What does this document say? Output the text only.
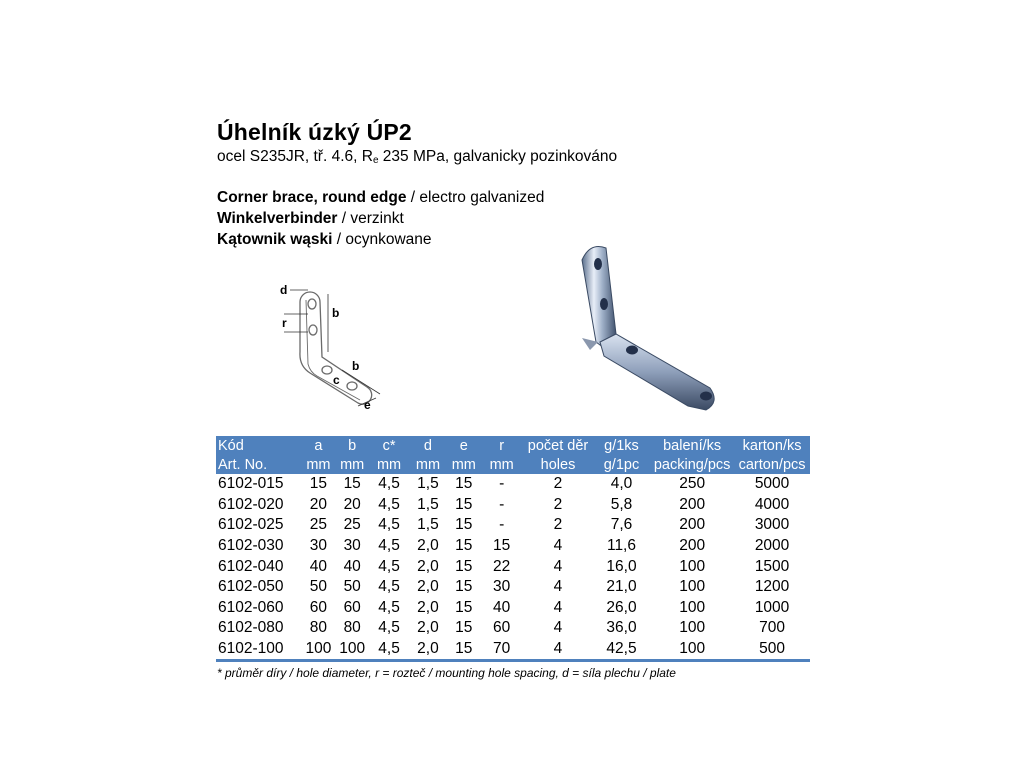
Úhelník úzký ÚP2
ocel S235JR, tř. 4.6, $R_e$ 235 MPa, galvanicky pozinkováno
Corner brace, round edge / electro galvanized
Winkelverbinder / verzinkt
Kątownik wąski / ocynkowane
d
r
b
b
c
e
Kód	a	b	c*	d	e	r	počet děr	g/1ks	balení/ks	karton/ks
Art. No.	mm	mm	mm	mm	mm	mm	holes	g/1pc	packing/pcs	carton/pcs
6102-015	15	15	4,5	1,5	15	-	2	4,0	250	5000
6102-020	20	20	4,5	1,5	15	-	2	5,8	200	4000
6102-025	25	25	4,5	1,5	15	-	2	7,6	200	3000
6102-030	30	30	4,5	2,0	15	15	4	11,6	200	2000
6102-040	40	40	4,5	2,0	15	22	4	16,0	100	1500
6102-050	50	50	4,5	2,0	15	30	4	21,0	100	1200
6102-060	60	60	4,5	2,0	15	40	4	26,0	100	1000
6102-080	80	80	4,5	2,0	15	60	4	36,0	100	700
6102-100	100	100	4,5	2,0	15	70	4	42,5	100	500
* průměr díry / hole diameter, r = rozteč / mounting hole spacing, d = síla plechu / plate
